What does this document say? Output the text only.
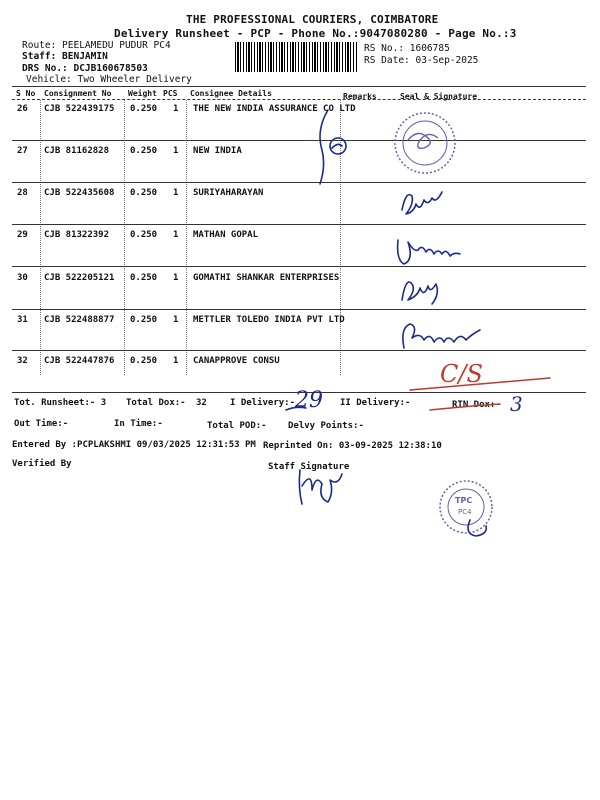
THE PROFESSIONAL COURIERS, COIMBATORE
Delivery Runsheet - PCP - Phone No.:9047080280 - Page No.:3
Route: PEELAMEDU PUDUR PC4
Staff: BENJAMIN
DRS No.: DCJB160678503
Vehicle: Two Wheeler Delivery
RS No.: 1606785
RS Date: 03-Sep-2025
S No Consignment No Weight PCS Consignee Details	Remarks	Seal & Signature
26 CJB 522439175 0.250 1 THE NEW INDIA ASSURANCE CO LTD
27 CJB 81162828 0.250 1 NEW INDIA
28 CJB 522435608 0.250 1 SURIYAHARAYAN
29 CJB 81322392 0.250 1 MATHAN GOPAL
30 CJB 522205121 0.250 1 GOMATHI SHANKAR ENTERPRISES
31 CJB 522488877 0.250 1 METTLER TOLEDO INDIA PVT LTD
32 CJB 522447876 0.250 1 CANAPPROVE CONSU
Tot. Runsheet:- 3 Total Dox:- 32	I Delivery:- 29 II Delivery:-	RTN Dox:- 3
Out Time:-	In Time:-	Total POD:- Delvy Points:-
Entered By :PCPLAKSHMI 09/03/2025 12:31:53 PM Reprinted On: 03-09-2025 12:38:10
Verified By	Staff Signature
C/S
TPC
PC4
